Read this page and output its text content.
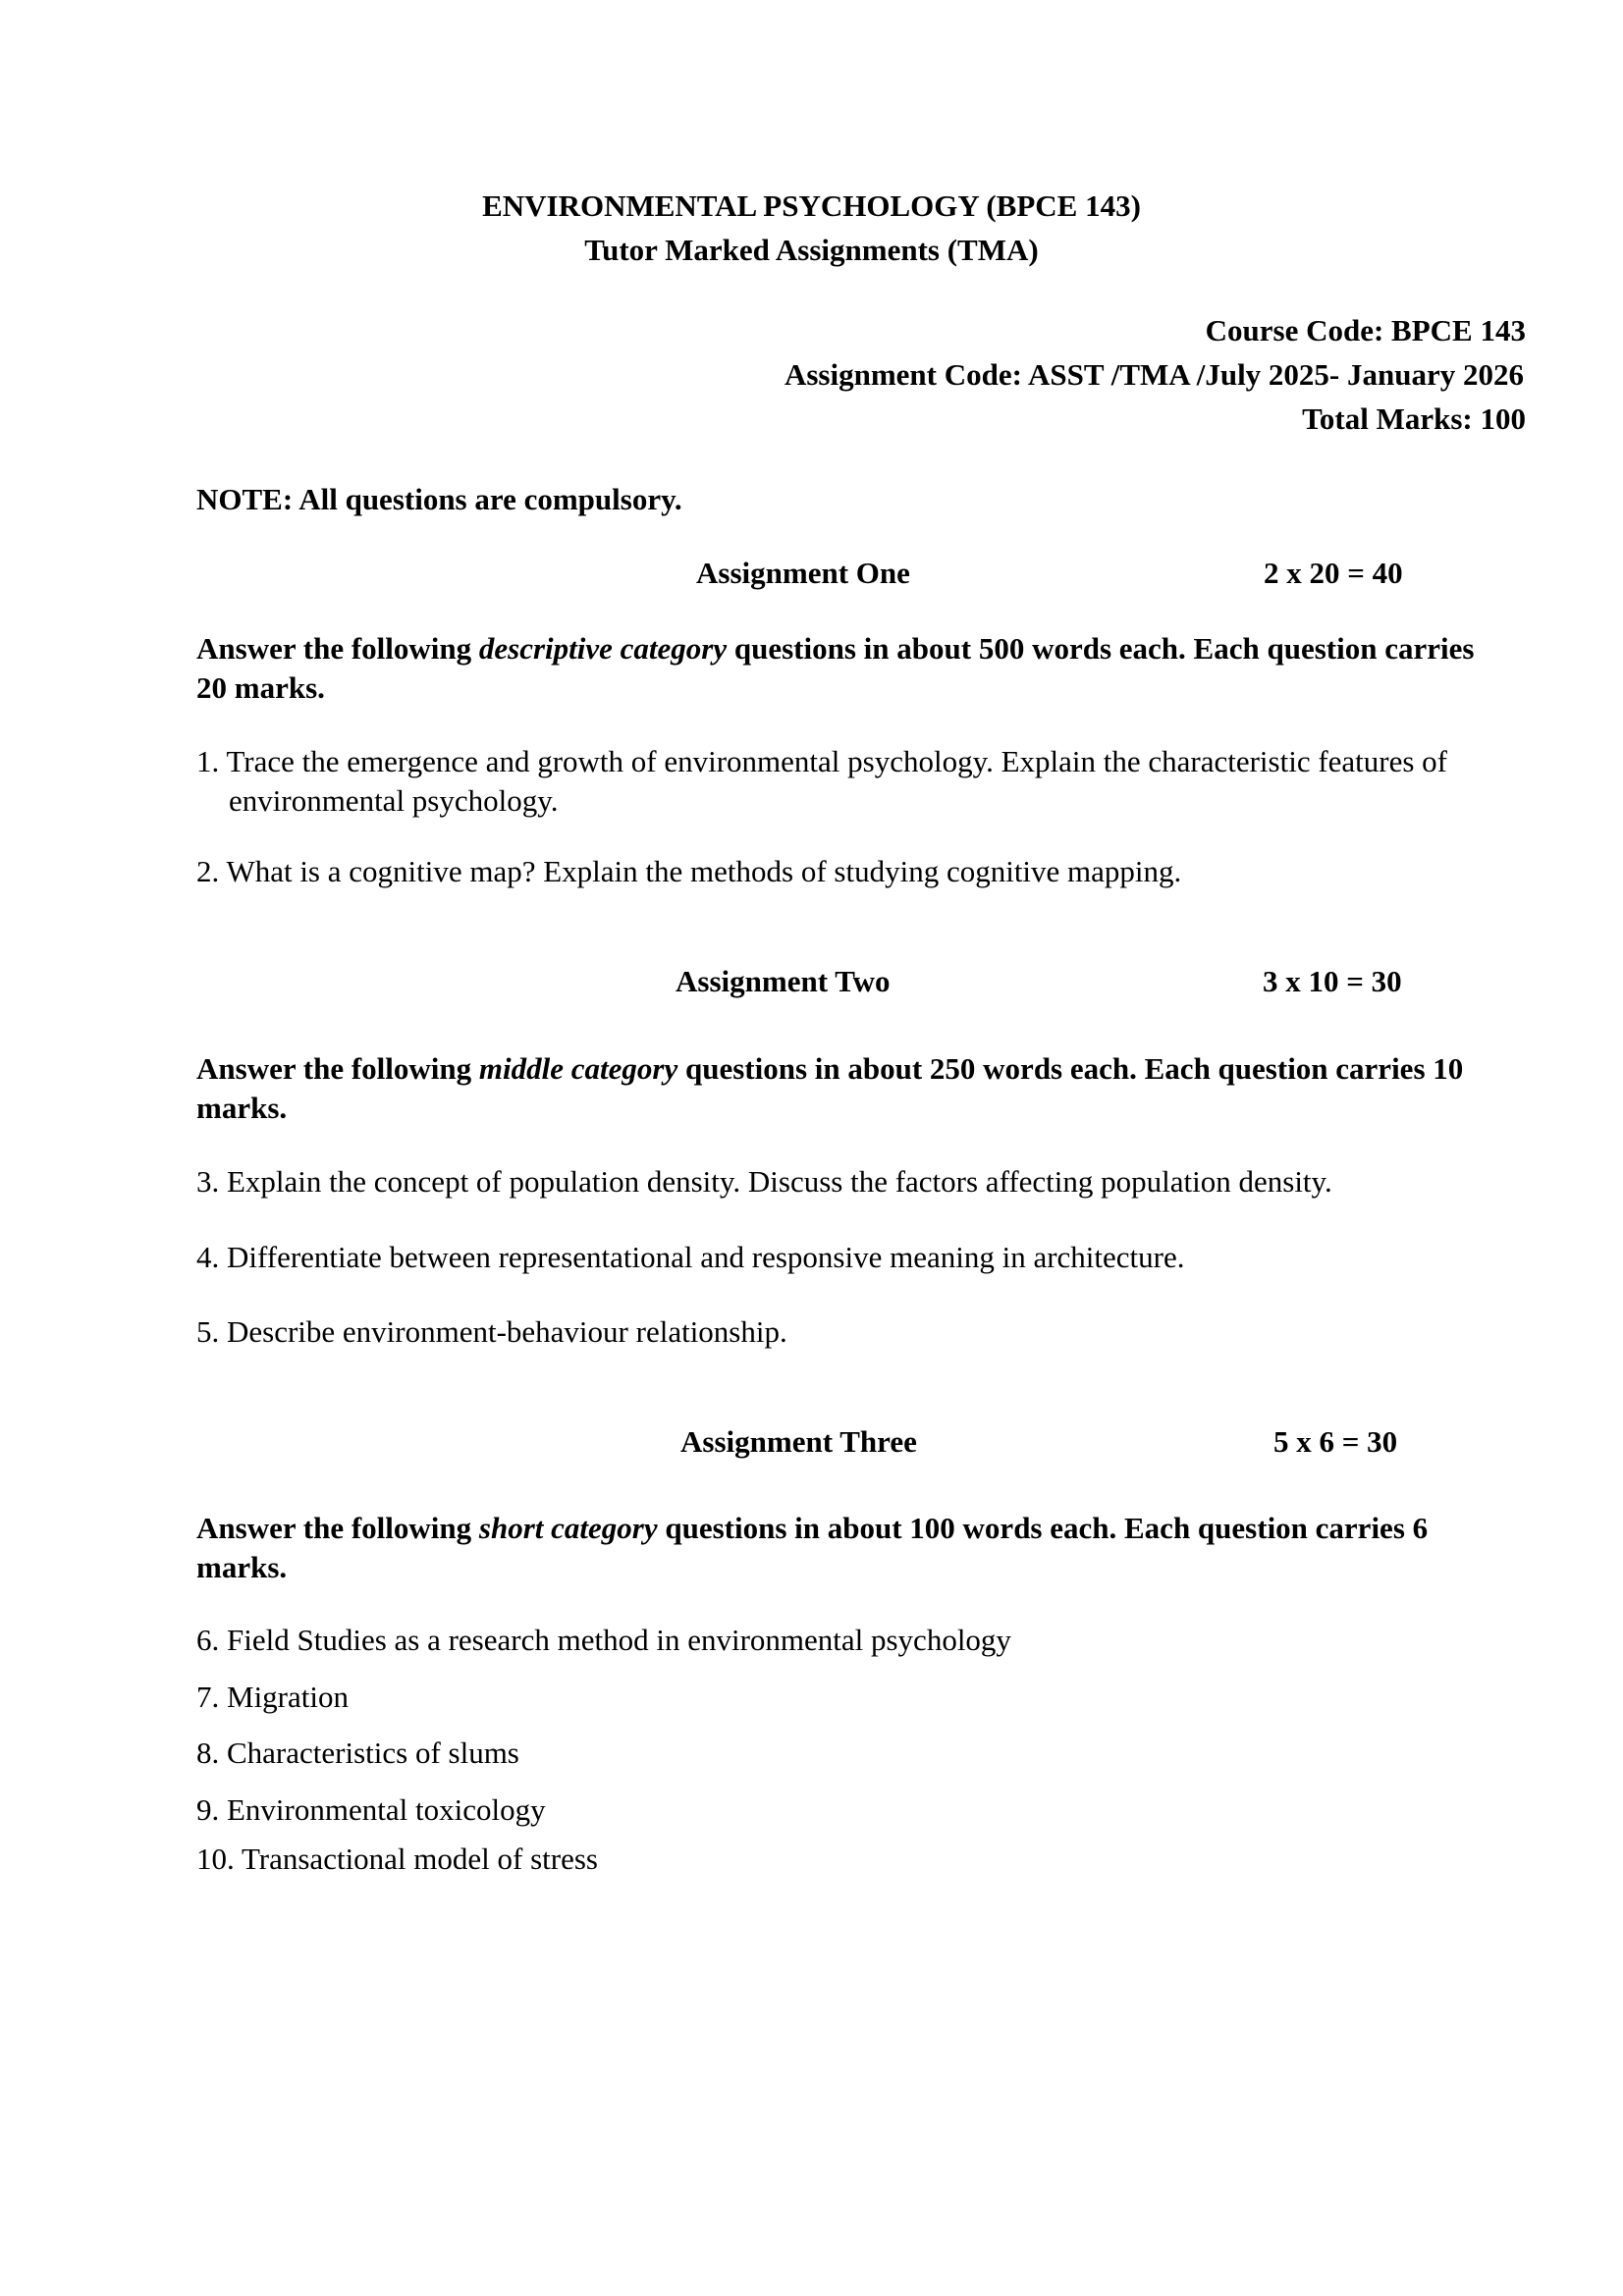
ENVIRONMENTAL PSYCHOLOGY (BPCE 143)
Tutor Marked Assignments (TMA)
Course Code: BPCE 143
Assignment Code: ASST /TMA /July 2025- January 2026
Total Marks: 100
NOTE: All questions are compulsory.
Assignment One	2 x 20 = 40
Answer the following descriptive category questions in about 500 words each. Each question carries 20 marks.
1. Trace the emergence and growth of environmental psychology. Explain the characteristic features of environmental psychology.
2. What is a cognitive map? Explain the methods of studying cognitive mapping.
Assignment Two	3 x 10 = 30
Answer the following middle category questions in about 250 words each. Each question carries 10 marks.
3. Explain the concept of population density. Discuss the factors affecting population density.
4. Differentiate between representational and responsive meaning in architecture.
5. Describe environment-behaviour relationship.
Assignment Three	5 x 6 = 30
Answer the following short category questions in about 100 words each. Each question carries 6 marks.
6. Field Studies as a research method in environmental psychology
7. Migration
8. Characteristics of slums
9. Environmental toxicology
10. Transactional model of stress
